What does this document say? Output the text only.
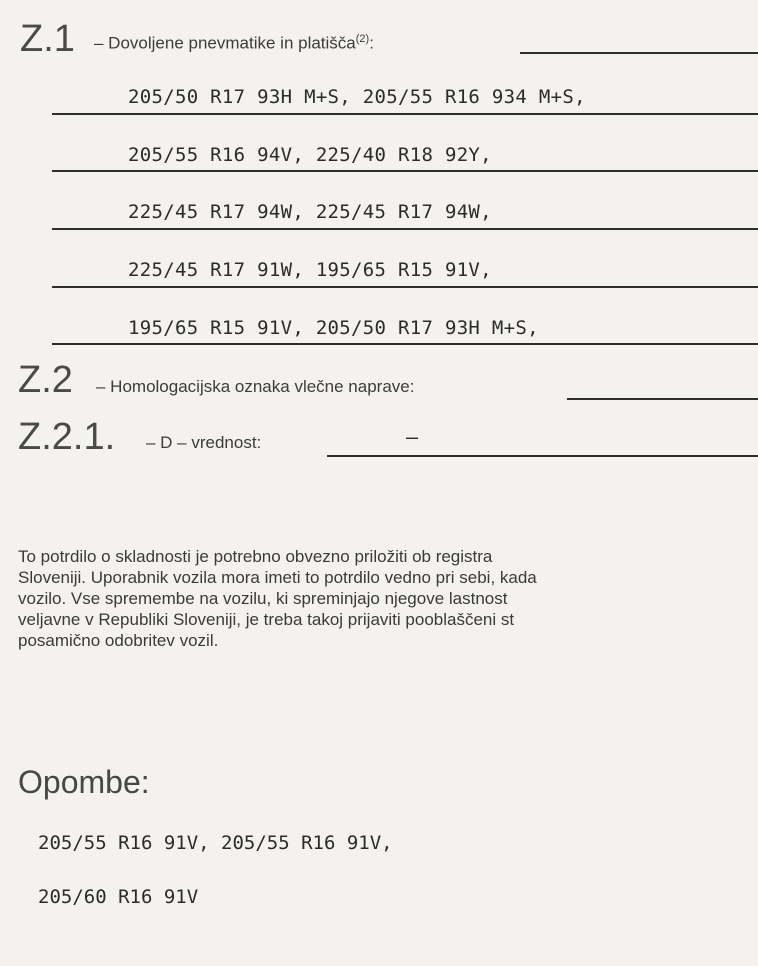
Z.1 – Dovoljene pnevmatike in platišča$^{(2)}$:
205/50 R17 93H M+S, 205/55 R16 934 M+S,
205/55 R16 94V, 225/40 R18 92Y,
225/45 R17 94W, 225/45 R17 94W,
225/45 R17 91W, 195/65 R15 91V,
195/65 R15 91V, 205/50 R17 93H M+S,
Z.2 – Homologacijska oznaka vlečne naprave:
Z.2.1. – D – vrednost:	–
To potrdilo o skladnosti je potrebno obvezno priložiti ob registra
Sloveniji. Uporabnik vozila mora imeti to potrdilo vedno pri sebi, kada
vozilo. Vse spremembe na vozilu, ki spreminjajo njegove lastnost
veljavne v Republiki Sloveniji, je treba takoj prijaviti pooblaščeni st
posamično odobritev vozil.
Opombe:
205/55 R16 91V, 205/55 R16 91V,
205/60 R16 91V
